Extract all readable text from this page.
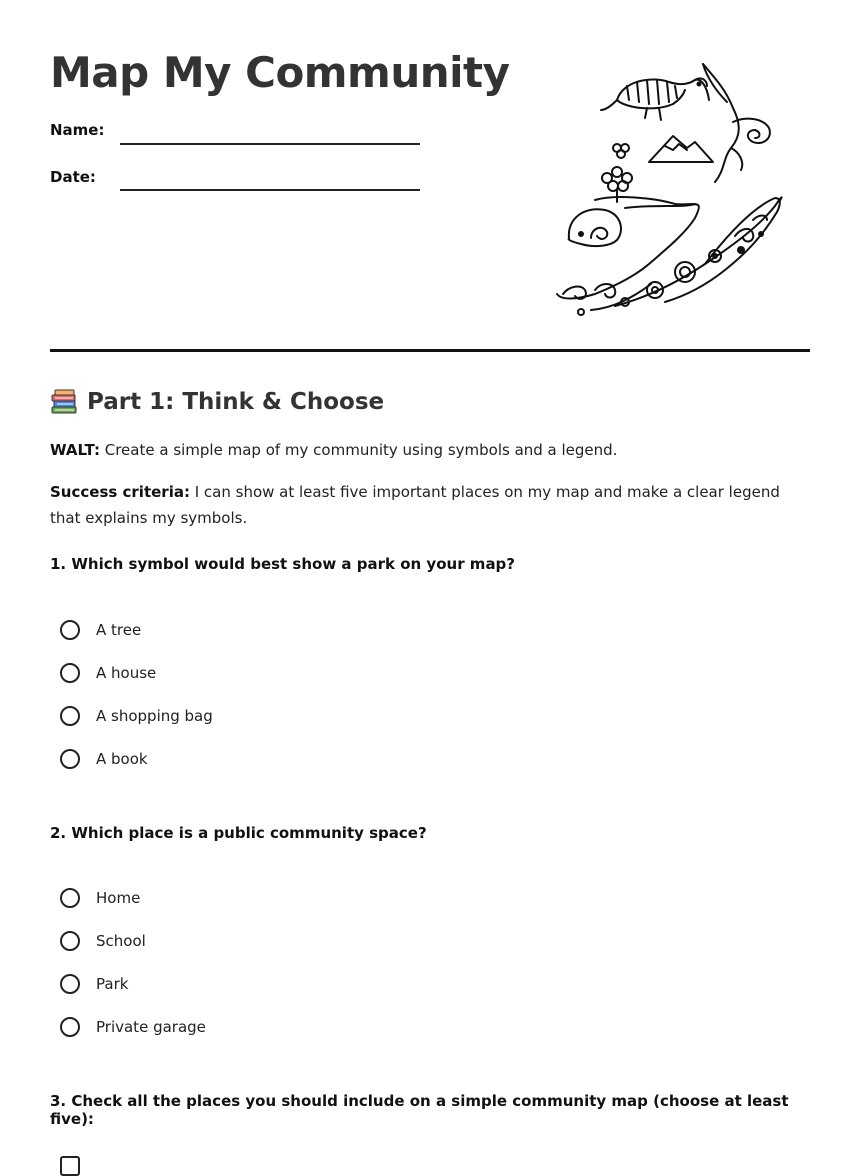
Map My Community
Name:
Date:
Part 1: Think & Choose

WALT: Create a simple map of my community using symbols and a legend.

Success criteria: I can show at least five important places on my map and make a clear legend that explains my symbols.

1. Which symbol would best show a park on your map?
A tree
A house
A shopping bag
A book
2. Which place is a public community space?
Home
School
Park
Private garage
3. Check all the places you should include on a simple community map (choose at least five):
